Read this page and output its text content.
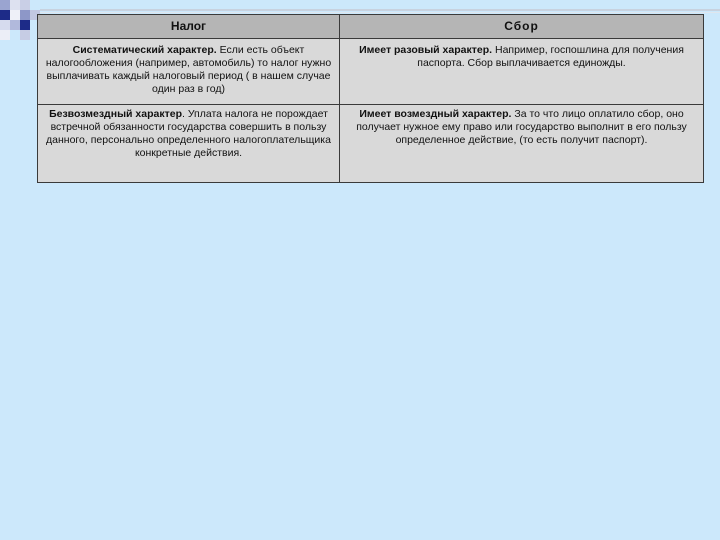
Налог	Сбор
Систематический характер. Если есть объект налогообложения (например, автомобиль) то налог нужно выплачивать каждый налоговый период ( в нашем случае один раз в год)	Имеет разовый характер. Например, госпошлина для получения паспорта. Сбор выплачивается единожды.
Безвозмездный характер. Уплата налога не порождает встречной обязанности государства совершить в пользу данного, персонально определенного налогоплательщика конкретные действия.	Имеет возмездный характер. За то что лицо оплатило сбор, оно получает нужное ему право или государство выполнит в его пользу определенное действие, (то есть получит паспорт).
